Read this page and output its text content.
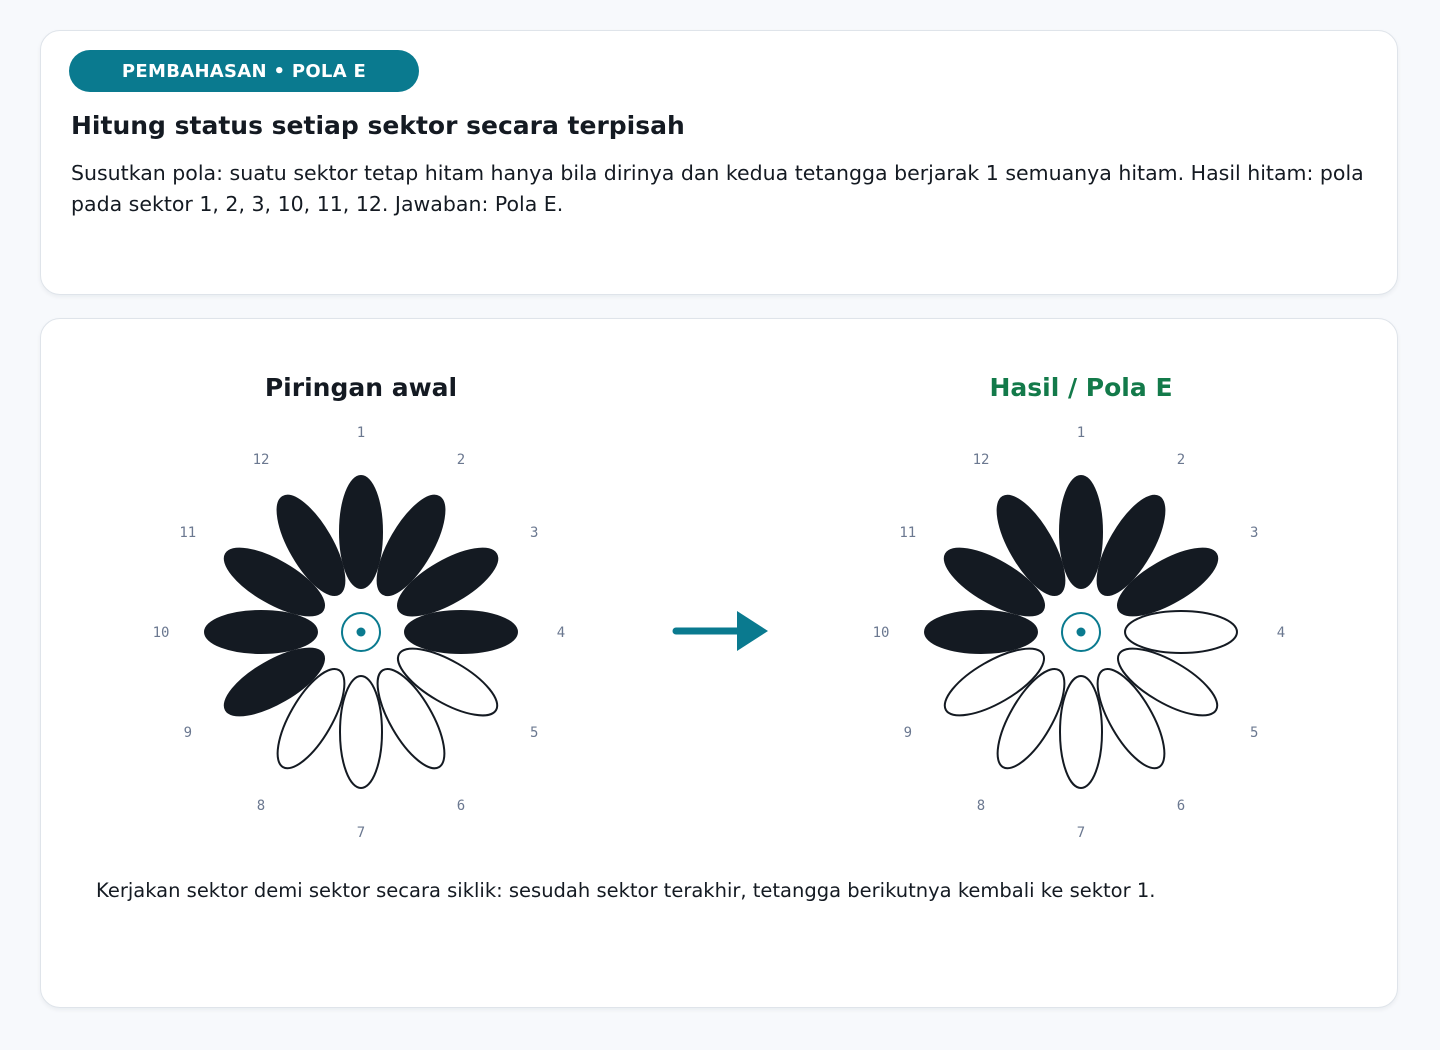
PEMBAHASAN • POLA E
Hitung status setiap sektor secara terpisah

Susutkan pola: suatu sektor tetap hitam hanya bila dirinya dan kedua tetangga berjarak 1 semuanya hitam. Hasil hitam: pola pada sektor 1, 2, 3, 10, 11, 12. Jawaban: Pola E.

Piringan awal	Hasil / Pola E
1
2
3
4
5
6
7
8
9
10
11
12
1
2
3
4
5
6
7
8
9
10
11
12

Kerjakan sektor demi sektor secara siklik: sesudah sektor terakhir, tetangga berikutnya kembali ke sektor 1.
